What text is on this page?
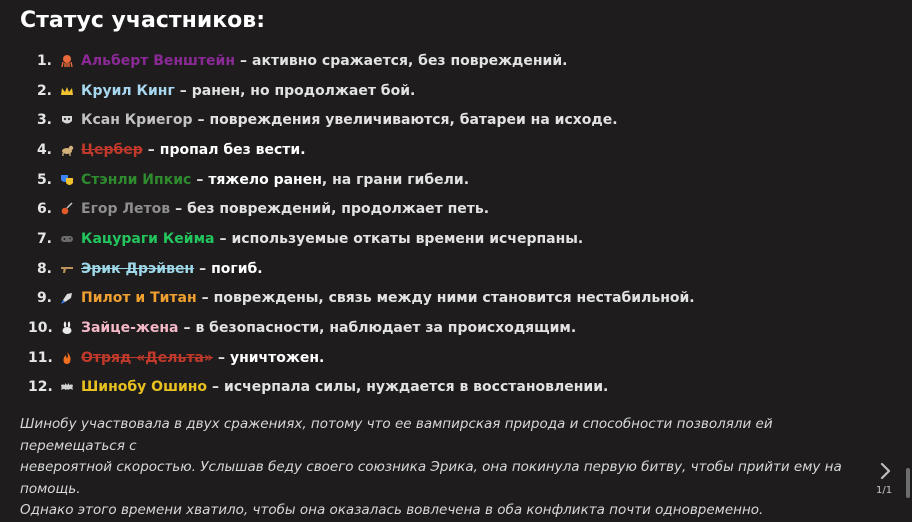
Статус участников:
1. Альберт Венштейн – активно сражается, без повреждений.
2. Круил Кинг – ранен, но продолжает бой.
3. Ксан Криегор – повреждения увеличиваются, батареи на исходе.
4. Цербер – пропал без вести.
5. Стэнли Ипкис – тяжело ранен , на грани гибели.
6. Егор Летов – без повреждений, продолжает петь.
7. Кацураги Кейма – используемые откаты времени исчерпаны.
8. Эрик Дрэйвен – погиб.
9. Пилот и Титан – повреждены, связь между ними становится нестабильной.
10. Зайце-жена – в безопасности, наблюдает за происходящим.
11. Отряд «Дельта» – уничтожен.
12. Шинобу Ошино – исчерпала силы, нуждается в восстановлении.
Шинобу участвовала в двух сражениях, потому что ее вампирская природа и способности позволяли ей перемещаться с
невероятной скоростью. Услышав беду своего союзника Эрика, она покинула первую битву, чтобы прийти ему на помощь.
Однако этого времени хватило, чтобы она оказалась вовлечена в оба конфликта почти одновременно.
1/1
